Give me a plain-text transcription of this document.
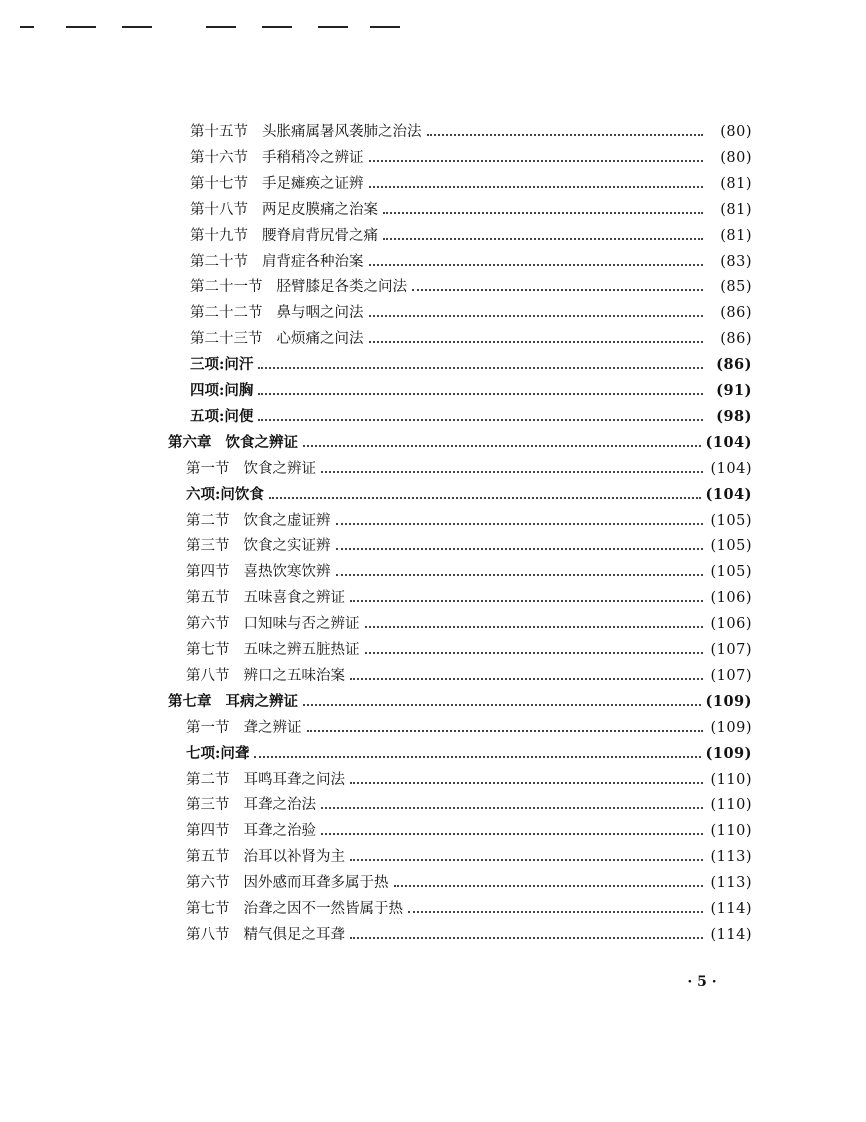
第十五节 头胀痛属暑风袭肺之治法	(80)
第十六节 手稍稍冷之辨证	(80)
第十七节 手足瘫痪之证辨	(81)
第十八节 两足皮膜痛之治案	(81)
第十九节 腰脊肩背尻骨之痛	(81)
第二十节 肩背症各种治案	(83)
第二十一节 胫臂膝足各类之问法	(85)
第二十二节 鼻与咽之问法	(86)
第二十三节 心烦痛之问法	(86)
三项:问汗	(86)
四项:问胸	(91)
五项:问便	(98)
第六章 饮食之辨证	(104)
第一节 饮食之辨证	(104)
六项:问饮食	(104)
第二节 饮食之虚证辨	(105)
第三节 饮食之实证辨	(105)
第四节 喜热饮寒饮辨	(105)
第五节 五味喜食之辨证	(106)
第六节 口知味与否之辨证	(106)
第七节 五味之辨五脏热证	(107)
第八节 辨口之五味治案	(107)
第七章 耳病之辨证	(109)
第一节 聋之辨证	(109)
七项:问聋	(109)
第二节 耳鸣耳聋之问法	(110)
第三节 耳聋之治法	(110)
第四节 耳聋之治验	(110)
第五节 治耳以补肾为主	(113)
第六节 因外感而耳聋多属于热	(113)
第七节 治聋之因不一然皆属于热	(114)
第八节 精气俱足之耳聋	(114)
· 5 ·
